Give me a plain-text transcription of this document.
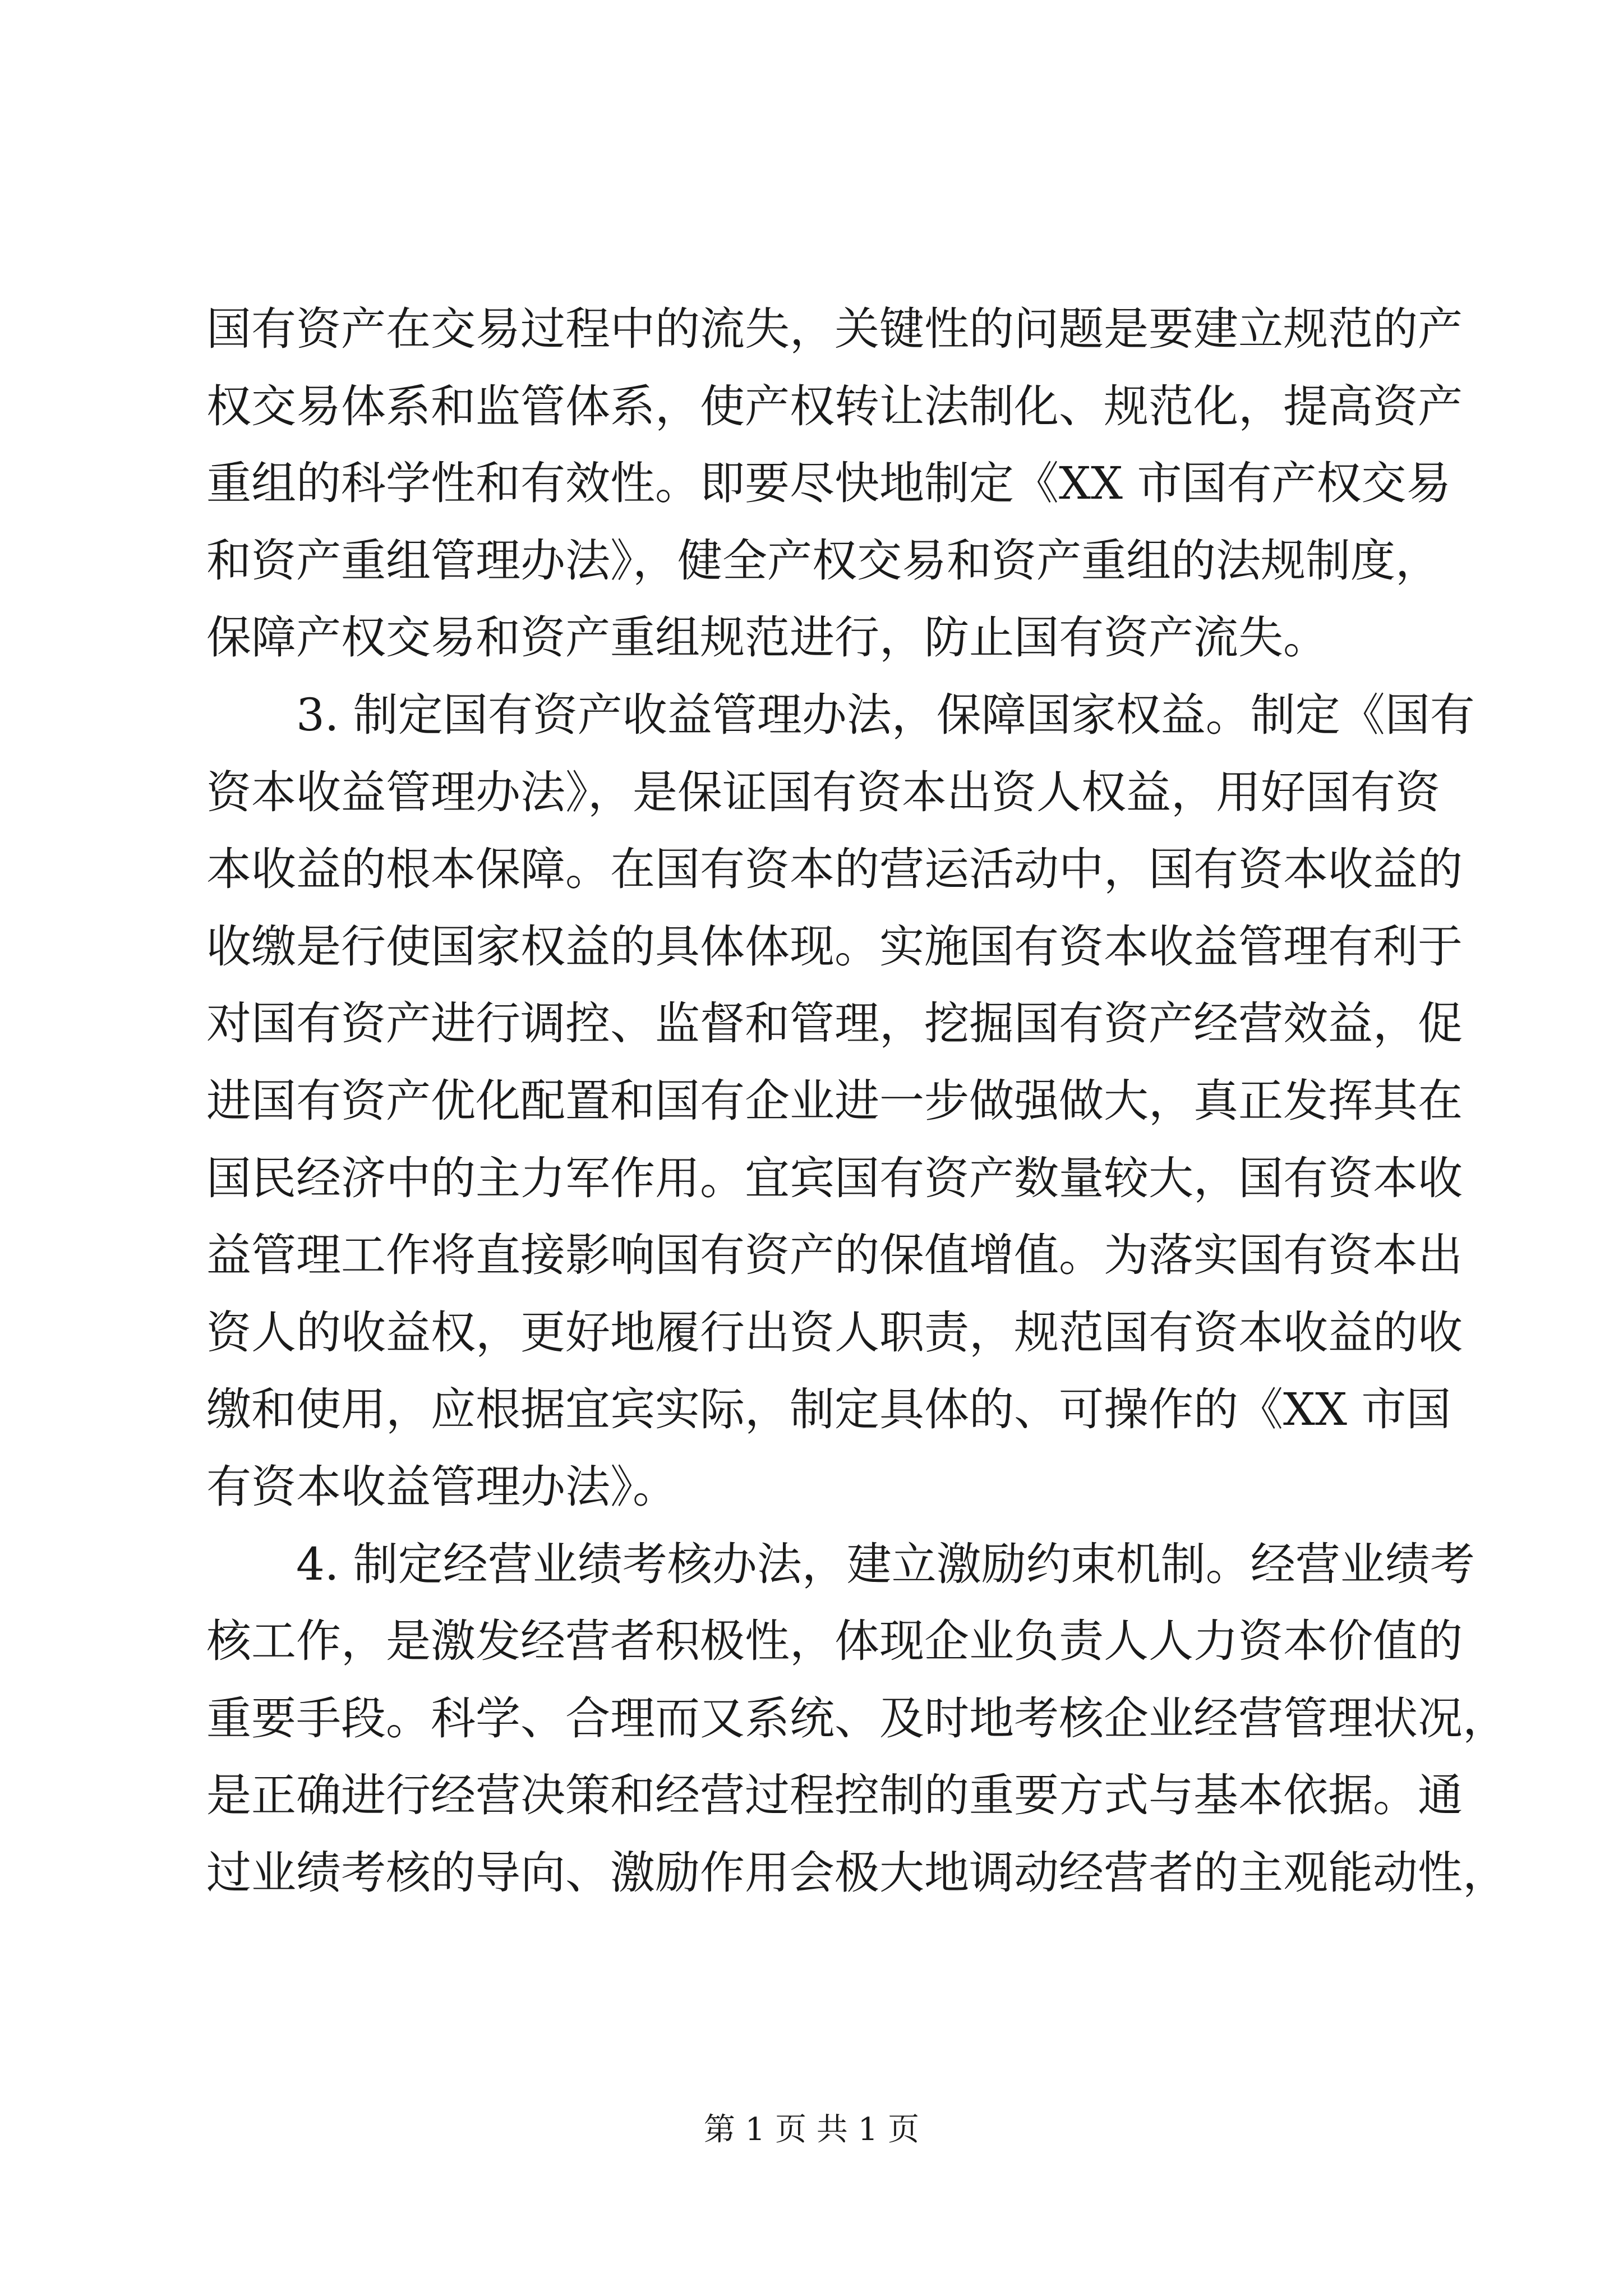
国有资产在交易过程中的流失，关键性的问题是要建立规范的产
权交易体系和监管体系，使产权转让法制化、规范化，提高资产
重组的科学性和有效性。即要尽快地制定《XX 市国有产权交易
和资产重组管理办法》，健全产权交易和资产重组的法规制度，
保障产权交易和资产重组规范进行，防止国有资产流失。
3. 制定国有资产收益管理办法，保障国家权益。制定《国有
资本收益管理办法》，是保证国有资本出资人权益，用好国有资
本收益的根本保障。在国有资本的营运活动中，国有资本收益的
收缴是行使国家权益的具体体现。实施国有资本收益管理有利于
对国有资产进行调控、监督和管理，挖掘国有资产经营效益，促
进国有资产优化配置和国有企业进一步做强做大，真正发挥其在
国民经济中的主力军作用。宜宾国有资产数量较大，国有资本收
益管理工作将直接影响国有资产的保值增值。为落实国有资本出
资人的收益权，更好地履行出资人职责，规范国有资本收益的收
缴和使用，应根据宜宾实际，制定具体的、可操作的《XX 市国
有资本收益管理办法》。
4. 制定经营业绩考核办法，建立激励约束机制。经营业绩考
核工作，是激发经营者积极性，体现企业负责人人力资本价值的
重要手段。科学、合理而又系统、及时地考核企业经营管理状况，
是正确进行经营决策和经营过程控制的重要方式与基本依据。通
过业绩考核的导向、激励作用会极大地调动经营者的主观能动性，
第 1 页 共 1 页
